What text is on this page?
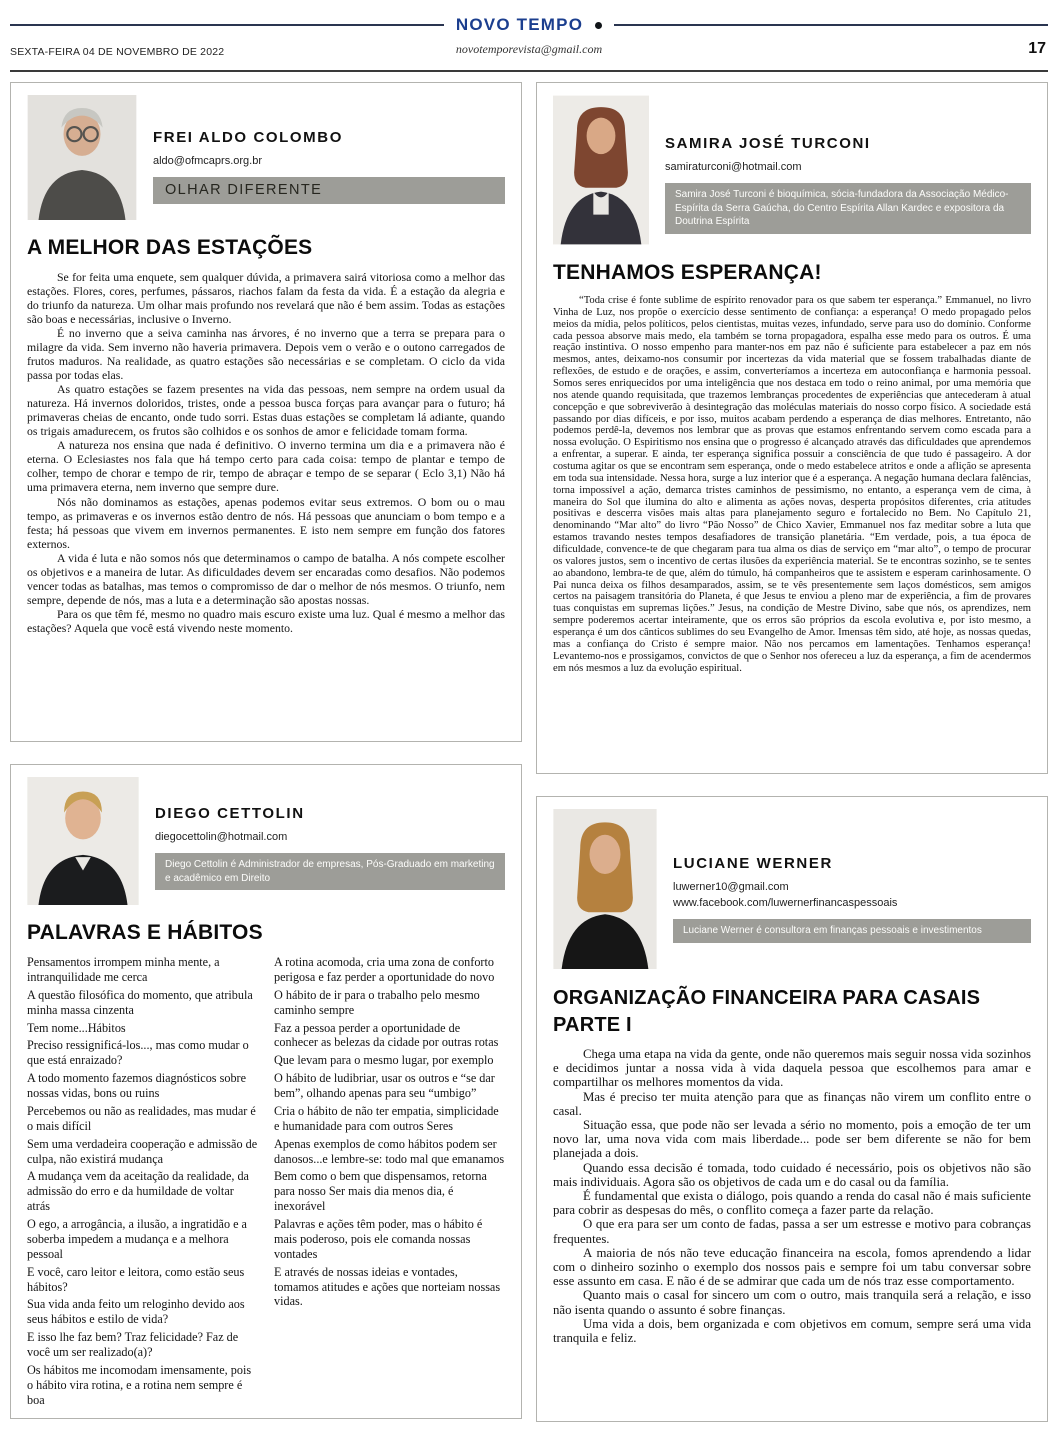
NOVO TEMPO
SEXTA-FEIRA 04 DE NOVEMBRO DE 2022	novotemporevista@gmail.com	17
FREI ALDO COLOMBO
aldo@ofmcaprs.org.br
OLHAR DIFERENTE
A MELHOR DAS ESTAÇÕES

Se for feita uma enquete, sem qualquer dúvida, a primavera sairá vitoriosa como a melhor das estações. Flores, cores, perfumes, pássaros, riachos falam da festa da vida. É a estação da alegria e do triunfo da natureza. Um olhar mais profundo nos revelará que não é bem assim. Todas as estações são boas e necessárias, inclusive o Inverno.

É no inverno que a seiva caminha nas árvores, é no inverno que a terra se prepara para o milagre da vida. Sem inverno não haveria primavera. Depois vem o verão e o outono carregados de frutos maduros. Na realidade, as quatro estações são necessárias e se completam. O ciclo da vida passa por todas elas.

As quatro estações se fazem presentes na vida das pessoas, nem sempre na ordem usual da natureza. Há invernos doloridos, tristes, onde a pessoa busca forças para avançar para o futuro; há primaveras cheias de encanto, onde tudo sorri. Estas duas estações se completam lá adiante, quando os trigais amadurecem, os frutos são colhidos e os sonhos de amor e felicidade tomam forma.

A natureza nos ensina que nada é definitivo. O inverno termina um dia e a primavera não é eterna. O Eclesiastes nos fala que há tempo certo para cada coisa: tempo de plantar e tempo de colher, tempo de chorar e tempo de rir, tempo de abraçar e tempo de se separar ( Eclo 3,1) Não há uma primavera eterna, nem inverno que sempre dure.

Nós não dominamos as estações, apenas podemos evitar seus extremos. O bom ou o mau tempo, as primaveras e os invernos estão dentro de nós. Há pessoas que anunciam o bom tempo e a festa; há pessoas que vivem em invernos permanentes. E isto nem sempre em função dos fatores externos.

A vida é luta e não somos nós que determinamos o campo de batalha. A nós compete escolher os objetivos e a maneira de lutar. As dificuldades devem ser encaradas como desafios. Não podemos vencer todas as batalhas, mas temos o compromisso de dar o melhor de nós mesmos. O triunfo, nem sempre, depende de nós, mas a luta e a determinação são apostas nossas.

Para os que têm fé, mesmo no quadro mais escuro existe uma luz. Qual é mesmo a melhor das estações? Aquela que você está vivendo neste momento.

DIEGO CETTOLIN
diegocettolin@hotmail.com
Diego Cettolin é Administrador de empresas, Pós-Graduado em marketing e acadêmico em Direito
PALAVRAS E HÁBITOS

Pensamentos irrompem minha mente, a intranquilidade me cerca

A questão filosófica do momento, que atribula minha massa cinzenta

Tem nome...Hábitos

Preciso ressignificá-los..., mas como mudar o que está enraizado?

A todo momento fazemos diagnósticos sobre nossas vidas, bons ou ruins

Percebemos ou não as realidades, mas mudar é o mais difícil

Sem uma verdadeira cooperação e admissão de culpa, não existirá mudança

A mudança vem da aceitação da realidade, da admissão do erro e da humildade de voltar atrás

O ego, a arrogância, a ilusão, a ingratidão e a soberba impedem a mudança e a melhora pessoal

E você, caro leitor e leitora, como estão seus hábitos?

Sua vida anda feito um reloginho devido aos seus hábitos e estilo de vida?

E isso lhe faz bem? Traz felicidade? Faz de você um ser realizado(a)?

Os hábitos me incomodam imensamente, pois o hábito vira rotina, e a rotina nem sempre é boa

A rotina acomoda, cria uma zona de conforto perigosa e faz perder a oportunidade do novo

O hábito de ir para o trabalho pelo mesmo caminho sempre

Faz a pessoa perder a oportunidade de conhecer as belezas da cidade por outras rotas

Que levam para o mesmo lugar, por exemplo

O hábito de ludibriar, usar os outros e “se dar bem”, olhando apenas para seu “umbigo”

Cria o hábito de não ter empatia, simplicidade e humanidade para com outros Seres

Apenas exemplos de como hábitos podem ser danosos...e lembre-se: todo mal que emanamos

Bem como o bem que dispensamos, retorna para nosso Ser mais dia menos dia, é inexorável

Palavras e ações têm poder, mas o hábito é mais poderoso, pois ele comanda nossas vontades

E através de nossas ideias e vontades, tomamos atitudes e ações que norteiam nossas vidas.

SAMIRA JOSÉ TURCONI
samiraturconi@hotmail.com
Samira José Turconi é bioquímica, sócia-fundadora da Associação Médico-Espírita da Serra Gaúcha, do Centro Espírita Allan Kardec e expositora da Doutrina Espírita
TENHAMOS ESPERANÇA!

“Toda crise é fonte sublime de espírito renovador para os que sabem ter esperança.” Emmanuel, no livro Vinha de Luz, nos propõe o exercício desse sentimento de confiança: a esperança! O medo propagado pelos meios da mídia, pelos políticos, pelos cientistas, muitas vezes, infundado, serve para uso do domínio. Conforme cada pessoa absorve mais medo, ela também se torna propagadora, espalha esse medo para os outros. É uma reação instintiva. O nosso empenho para manter-nos em paz não é suficiente para estabelecer a paz em nós mesmos, antes, deixamo-nos consumir por incertezas da vida material que se fossem trabalhadas diante de reflexões, de estudo e de orações, e assim, converteríamos a incerteza em autoconfiança e harmonia pessoal. Somos seres enriquecidos por uma inteligência que nos destaca em todo o reino animal, por uma memória que nos atende quando requisitada, que trazemos lembranças procedentes de experiências que antecederam à atual concepção e que sobreviverão à desintegração das moléculas materiais do nosso corpo físico. A sociedade está passando por dias difíceis, e por isso, muitos acabam perdendo a esperança de dias melhores. Entretanto, não podemos perdê-la, devemos nos lembrar que as provas que estamos enfrentando servem como escada para a nossa evolução. O Espiritismo nos ensina que o progresso é alcançado através das dificuldades que aprendemos a enfrentar, a superar. E ainda, ter esperança significa possuir a consciência de que tudo é passageiro. A dor costuma agitar os que se encontram sem esperança, onde o medo estabelece atritos e onde a aflição se apresenta em toda sua intensidade. Nessa hora, surge a luz interior que é a esperança. A negação humana declara falências, torna impossível a ação, demarca tristes caminhos de pessimismo, no entanto, a esperança vem de cima, à maneira do Sol que ilumina do alto e alimenta as ações novas, desperta propósitos diferentes, cria atitudes positivas e descerra visões mais altas para planejamento seguro e fortalecido no Bem. No Capítulo 21, denominando “Mar alto” do livro “Pão Nosso” de Chico Xavier, Emmanuel nos faz meditar sobre a luta que estamos travando nestes tempos desafiadores de transição planetária. “Em verdade, pois, a tua época de dificuldade, convence-te de que chegaram para tua alma os dias de serviço em “mar alto”, o tempo de procurar os valores justos, sem o incentivo de certas ilusões da experiência material. Se te encontras sozinho, se te sentes ao abandono, lembra-te de que, além do túmulo, há companheiros que te assistem e esperam carinhosamente. O Pai nunca deixa os filhos desamparados, assim, se te vês presentemente sem laços domésticos, sem amigos certos na paisagem transitória do Planeta, é que Jesus te enviou a pleno mar de experiência, a fim de provares tuas conquistas em supremas lições.” Jesus, na condição de Mestre Divino, sabe que nós, os aprendizes, nem sempre poderemos acertar inteiramente, que os erros são próprios da escola evolutiva e, por isto mesmo, a esperança é um dos cânticos sublimes do seu Evangelho de Amor. Imensas têm sido, até hoje, as nossas quedas, mas a confiança do Cristo é sempre maior. Não nos percamos em lamentações. Tenhamos esperança! Levantemo-nos e prossigamos, convictos de que o Senhor nos ofereceu a luz da esperança, a fim de acendermos em nós mesmos a luz da evolução espiritual.

LUCIANE WERNER
luwerner10@gmail.com
www.facebook.com/luwernerfinancaspessoais
Luciane Werner é consultora em finanças pessoais e investimentos
ORGANIZAÇÃO FINANCEIRA PARA CASAIS PARTE I

Chega uma etapa na vida da gente, onde não queremos mais seguir nossa vida sozinhos e decidimos juntar a nossa vida à vida daquela pessoa que escolhemos para amar e compartilhar os melhores momentos da vida.

Mas é preciso ter muita atenção para que as finanças não virem um conflito entre o casal.

Situação essa, que pode não ser levada a sério no momento, pois a emoção de ter um novo lar, uma nova vida com mais liberdade... pode ser bem diferente se não for bem planejada a dois.

Quando essa decisão é tomada, todo cuidado é necessário, pois os objetivos não são mais individuais. Agora são os objetivos de cada um e do casal ou da família.

É fundamental que exista o diálogo, pois quando a renda do casal não é mais suficiente para cobrir as despesas do mês, o conflito começa a fazer parte da relação.

O que era para ser um conto de fadas, passa a ser um estresse e motivo para cobranças frequentes.

A maioria de nós não teve educação financeira na escola, fomos aprendendo a lidar com o dinheiro sozinho o exemplo dos nossos pais e sempre foi um tabu conversar sobre esse assunto em casa. E não é de se admirar que cada um de nós traz esse comportamento.

Quanto mais o casal for sincero um com o outro, mais tranquila será a relação, e isso não isenta quando o assunto é sobre finanças.

Uma vida a dois, bem organizada e com objetivos em comum, sempre será uma vida tranquila e feliz.
